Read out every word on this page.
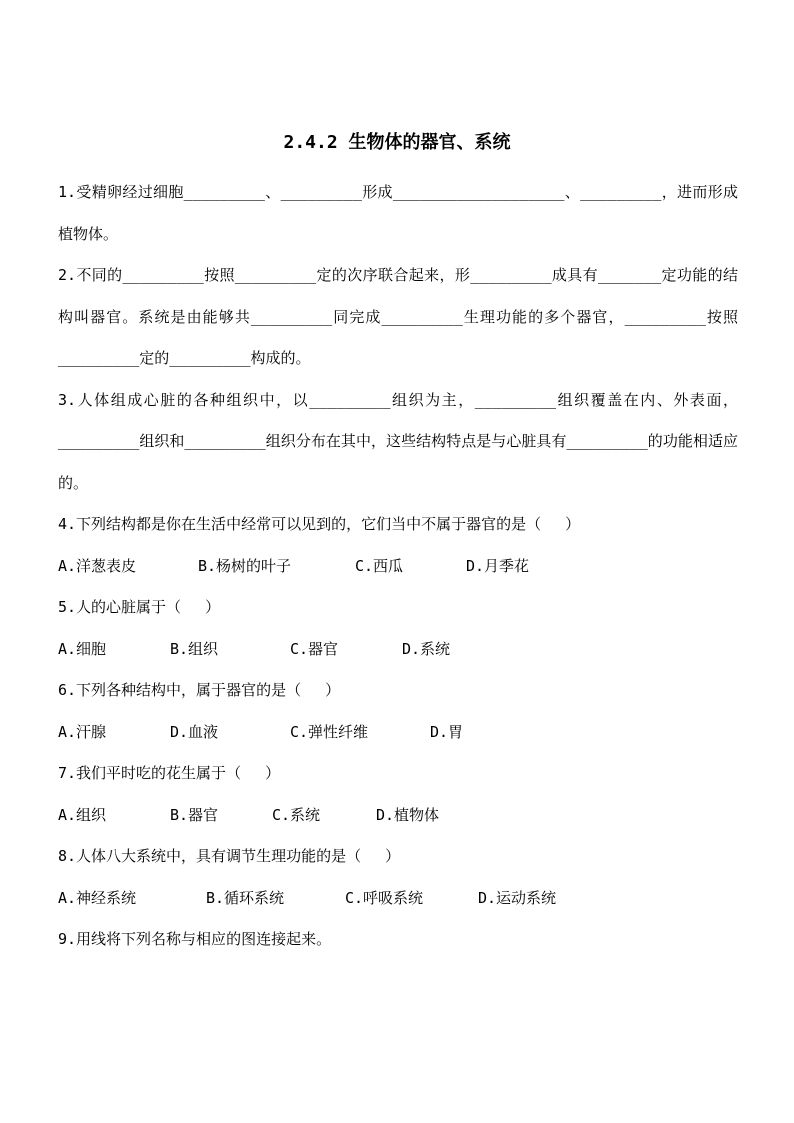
2.4.2 生物体的器官、系统

1.受精卵经过细胞_________、_________形成___________________、_________，进而形成植物体。

2.不同的_________按照_________定的次序联合起来，形_________成具有_______定功能的结构叫器官。系统是由能够共_________同完成_________生理功能的多个器官，_________按照_________定的_________构成的。

3.人体组成心脏的各种组织中，以_________组织为主，_________组织覆盖在内、外表面，_________组织和_________组织分布在其中，这些结构特点是与心脏具有_________的功能相适应的。

4.下列结构都是你在生活中经常可以见到的，它们当中不属于器官的是（　 ）

A.洋葱表皮	B.杨树的叶子	C.西瓜	D.月季花

5.人的心脏属于（　 ）

A.细胞	B.组织	C.器官	D.系统

6.下列各种结构中，属于器官的是（　 ）

A.汗腺	D.血液	C.弹性纤维	D.胃

7.我们平时吃的花生属于（　 ）

A.组织	B.器官	C.系统	D.植物体

8.人体八大系统中，具有调节生理功能的是（　 ）

A.神经系统	B.循环系统	C.呼吸系统	D.运动系统

9.用线将下列名称与相应的图连接起来。
